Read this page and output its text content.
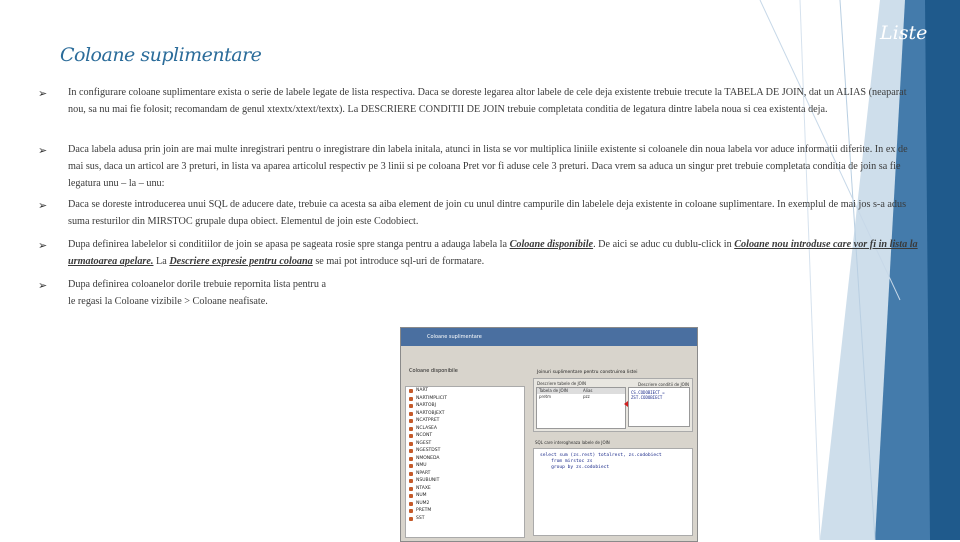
Liste
Coloane suplimentare
➢ In configurare coloane suplimentare exista o serie de labele legate de lista respectiva. Daca se doreste legarea altor labele de cele deja existente trebuie trecute la TABELA DE JOIN, dat un ALIAS (neaparat nou, sa nu mai fie folosit; recomandam de genul xtextx/xtext/textx). La DESCRIERE CONDITII DE JOIN trebuie completata conditia de legatura dintre labela noua si cea existenta deja.
➢ Daca labela adusa prin join are mai multe inregistrari pentru o inregistrare din labela initala, atunci in lista se vor multiplica liniile existente si coloanele din noua labela vor aduce informatii diferite. In ex de mai sus, daca un articol are 3 preturi, in lista va aparea articolul respectiv pe 3 linii si pe coloana Pret vor fi aduse cele 3 preturi. Daca vrem sa aduca un singur pret trebuie completata conditia de join sa fie legatura unu – la – unu:
➢ Daca se doreste introducerea unui SQL de aducere date, trebuie ca acesta sa aiba element de join cu unul dintre campurile din labelele deja existente in coloane suplimentare. In exemplul de mai jos s-a adus suma resturilor din MIRSTOC grupale dupa obiect. Elementul de join este Codobiect.
➢ Dupa definirea labelelor si conditiilor de join se apasa pe sageata rosie spre stanga pentru a adauga labela la Coloane disponibile. De aici se aduc cu dublu-click in Coloane nou introduse care vor fi in lista la urmatoarea apelare. La Descriere expresie pentru coloana se mai pot introduce sql-uri de formatare.
➢ Dupa definirea coloanelor dorile trebuie repornita lista pentru a le regasi la Coloane vizibile > Coloane neafisate.
Coloane suplimentare
Coloane disponibile
NART
NARTIMPLICIT
NARTOBJ
NARTOBJEXT
NCATPRET
NCLASEA
NCONT
NGEST
NGESTDST
NMONEDA
NMU
NPART
NSUBUNIT
NTAXE
NUM
NUM2
PRETM
SST
Joinuri suplimentare pentru construirea listei
Descriere tabele de JOIN
Tabela de JOIN	Alias
pretm	pzz
Descriere conditii de JOIN
CS.CODOBIECT = ZST.CODOBIECT
SQL care interogheaza labele de JOIN
select sum (zs.rest) totalrest, zs.codobiect
from mirstoc zs
group by zs.codobiect
